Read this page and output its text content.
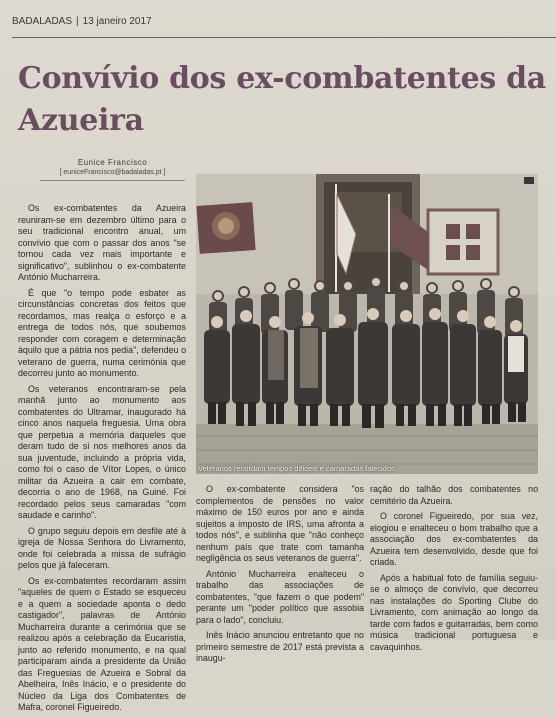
BADALADAS | 13 janeiro 2017
Convívio dos ex-combatentes da Azueira
Eunice Francisco
[ euniceFrancisco@badaladas.pt ]

Os ex-combatentes da Azueira reuniram-se em dezembro último para o seu tradicional encontro anual, um convívio que com o passar dos anos "se tornou cada vez mais importante e significativo", sublinhou o ex-combatente António Mucharreira.

É que "o tempo pode esbater as circunstâncias concretas dos feitos que recordamos, mas realça o esforço e a entrega de todos nós, que soubemos responder com coragem e determinação àquilo que a pátria nos pedia", defendeu o veterano de guerra, numa cerimónia que decorreu junto ao monumento.

Os veteranos encontraram-se pela manhã junto ao monumento aos combatentes do Ultramar, inaugurado há cinco anos naquela freguesia. Uma obra que perpetua a memória daqueles que deram tudo de si nos melhores anos da sua juventude, incluindo a própria vida, como foi o caso de Vítor Lopes, o único militar da Azueira a cair em combate, decorria o ano de 1968, na Guiné. Foi recordado pelos seus camaradas "com saudade e carinho".

O grupo seguiu depois em desfile até à igreja de Nossa Senhora do Livramento, onde foi celebrada a missa de sufrágio pelos que já faleceram.

Os ex-combatentes recordaram assim "aqueles de quem o Estado se esqueceu e a quem a sociedade aponta o dedo castigador", palavras de António Mucharreira durante a cerimónia que se realizou após a celebração da Eucaristia, junto ao referido monumento, e na qual participaram ainda a presidente da União das Freguesias de Azueira e Sobral da Abelheira, Inês Inácio, e o presidente do Núcleo da Liga dos Combatentes de Mafra, coronel Figueiredo.

Veteranos recordam tempos difíceis e camaradas falecidos

O ex-combatente considera "os complementos de pensões no valor máximo de 150 euros por ano e ainda sujeitos a imposto de IRS, uma afronta a todos nós", e sublinha que "não conheço nenhum país que trate com tamanha negligência os seus veteranos de guerra".

António Mucharreira enalteceu o trabalho das associações de combatentes, "que fazem o que podem" perante um "poder político que assobia para o lado", concluiu.

Inês Inácio anunciou entretanto que no primeiro semestre de 2017 está prevista a inaugu-

ração do talhão dos combatentes no cemitério da Azueira.

O coronel Figueiredo, por sua vez, elogiou e enalteceu o bom trabalho que a associação dos ex-combatentes da Azueira tem desenvolvido, desde que foi criada.

Após a habitual foto de família seguiu-se o almoço de convívio, que decorreu nas instalações do Sporting Clube do Livramento, com animação ao longo da tarde com fados e guitarradas, bem como música tradicional portuguesa e cavaquinhos.
